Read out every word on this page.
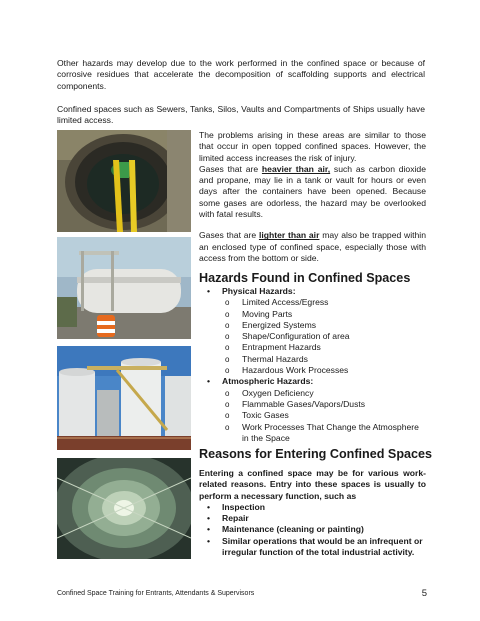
Other hazards may develop due to the work performed in the confined space or because of corrosive residues that accelerate the decomposition of scaffolding supports and electrical components.

Confined spaces such as Sewers, Tanks, Silos, Vaults and Compartments of Ships usually have limited access.

The problems arising in these areas are similar to those that occur in open topped confined spaces. However, the limited access increases the risk of injury.

Gases that are heavier than air, such as carbon dioxide and propane, may lie in a tank or vault for hours or even days after the containers have been opened. Because some gases are odorless, the hazard may be overlooked with fatal results.

Gases that are lighter than air may also be trapped within an enclosed type of confined space, especially those with access from the bottom or side.

Hazards Found in Confined Spaces
• Physical Hazards:
o Limited Access/Egress
o Moving Parts
o Energized Systems
o Shape/Configuration of area
o Entrapment Hazards
o Thermal Hazards
o Hazardous Work Processes
• Atmospheric Hazards:
o Oxygen Deficiency
o Flammable Gases/Vapors/Dusts
o Toxic Gases
o Work Processes That Change the Atmosphere in the Space
Reasons for Entering Confined Spaces

Entering a confined space may be for various work-related reasons. Entry into these spaces is usually to perform a necessary function, such as

• Inspection
• Repair
• Maintenance (cleaning or painting)
• Similar operations that would be an infrequent or irregular function of the total industrial activity.
Confined Space Training for Entrants, Attendants & Supervisors	5
